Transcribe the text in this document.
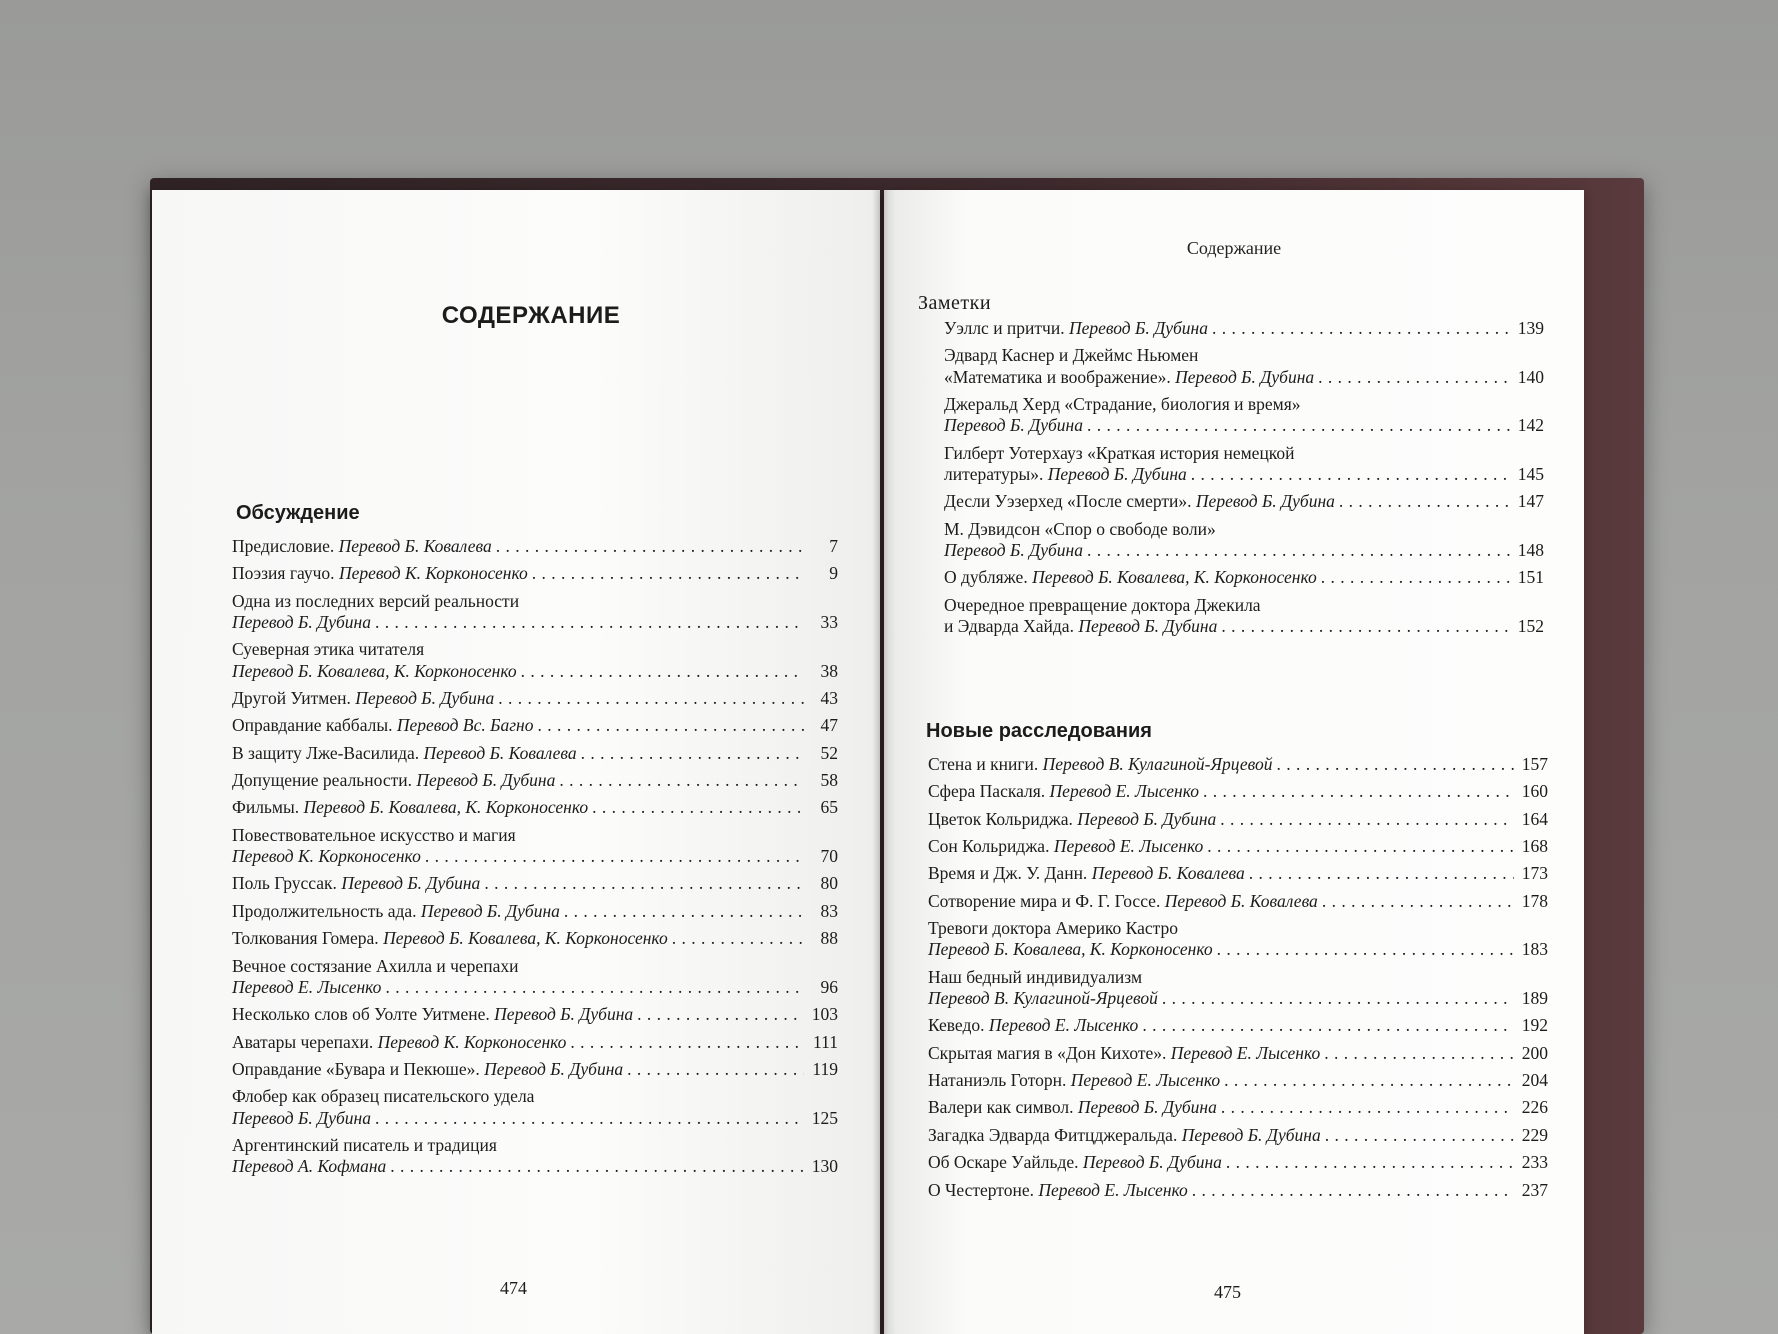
СОДЕРЖАНИЕ
Обсуждение
Предисловие. Перевод Б. Ковалева . . .	7
Поэзия гаучо. Перевод К. Корконосенко . . .	9
Одна из последних версий реальности
Перевод Б. Дубина . . .	33
Суеверная этика читателя
Перевод Б. Ковалева, К. Корконосенко . . .	38
Другой Уитмен. Перевод Б. Дубина . . .	43
Оправдание каббалы. Перевод Вс. Багно . . .	47
В защиту Лже-Василида. Перевод Б. Ковалева . . .	52
Допущение реальности. Перевод Б. Дубина . . .	58
Фильмы. Перевод Б. Ковалева, К. Корконосенко . . .	65
Повествовательное искусство и магия
Перевод К. Корконосенко . . .	70
Поль Груссак. Перевод Б. Дубина . . .	80
Продолжительность ада. Перевод Б. Дубина . . .	83
Толкования Гомера. Перевод Б. Ковалева, К. Корконосенко . . .	88
Вечное состязание Ахилла и черепахи
Перевод Е. Лысенко . . .	96
Несколько слов об Уолте Уитмене. Перевод Б. Дубина . . .	103
Аватары черепахи. Перевод К. Корконосенко . . .	111
Оправдание «Бувара и Пекюше». Перевод Б. Дубина . . .	119
Флобер как образец писательского удела
Перевод Б. Дубина . . .	125
Аргентинский писатель и традиция
Перевод А. Кофмана . . .	130
474
Содержание
Заметки
Уэллс и притчи. Перевод Б. Дубина . . .	139
Эдвард Каснер и Джеймс Ньюмен
«Математика и воображение». Перевод Б. Дубина . . .	140
Джеральд Херд «Страдание, биология и время»
Перевод Б. Дубина . . .	142
Гилберт Уотерхауз «Краткая история немецкой
литературы». Перевод Б. Дубина . . .	145
Десли Уэзерхед «После смерти». Перевод Б. Дубина . . .	147
М. Дэвидсон «Спор о свободе воли»
Перевод Б. Дубина . . .	148
О дубляже. Перевод Б. Ковалева, К. Корконосенко . . .	151
Очередное превращение доктора Джекила
и Эдварда Хайда. Перевод Б. Дубина . . .	152
Новые расследования
Стена и книги. Перевод В. Кулагиной-Ярцевой . . .	157
Сфера Паскаля. Перевод Е. Лысенко . . .	160
Цветок Кольриджа. Перевод Б. Дубина . . .	164
Сон Кольриджа. Перевод Е. Лысенко . . .	168
Время и Дж. У. Данн. Перевод Б. Ковалева . . .	173
Сотворение мира и Ф. Г. Госсе. Перевод Б. Ковалева . . .	178
Тревоги доктора Америко Кастро
Перевод Б. Ковалева, К. Корконосенко . . .	183
Наш бедный индивидуализм
Перевод В. Кулагиной-Ярцевой . . .	189
Кеведо. Перевод Е. Лысенко . . .	192
Скрытая магия в «Дон Кихоте». Перевод Е. Лысенко . . .	200
Натаниэль Готорн. Перевод Е. Лысенко . . .	204
Валери как символ. Перевод Б. Дубина . . .	226
Загадка Эдварда Фитцджеральда. Перевод Б. Дубина . . .	229
Об Оскаре Уайльде. Перевод Б. Дубина . . .	233
О Честертоне. Перевод Е. Лысенко . . .	237
475
